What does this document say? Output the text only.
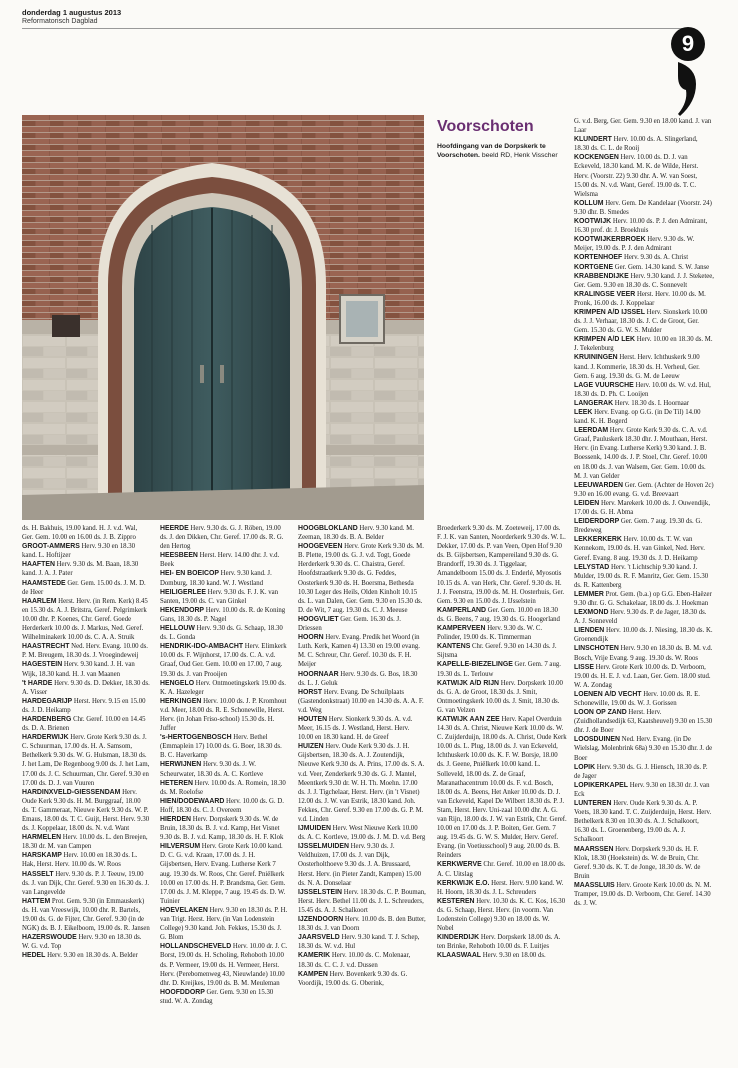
donderdag 1 augustus 2013
Reformatorisch Dagblad
9
Voorschoten
Hoofdingang van de Dorpskerk te Voorschoten. beeld RD, Henk Visscher

ds. H. Bakhuis, 19.00 kand. H. J. v.d. Wal, Ger. Gem. 10.00 en 16.00 ds. J. B. Zippro

GROOT-AMMERS Herv. 9.30 en 18.30 kand. L. Hoftijzer

HAAFTEN Herv. 9.30 ds. M. Baan, 18.30 kand. J. A. J. Pater

HAAMSTEDE Ger. Gem. 15.00 ds. J. M. D. de Heer

HAARLEM Herst. Herv. (in Rem. Kerk) 8.45 en 15.30 ds. A. J. Britstra, Geref. Pelgrimkerk 10.00 dhr. P. Koenes, Chr. Geref. Goede Herderkerk 10.00 ds. J. Markus, Ned. Geref. Wilhelminakerk 10.00 ds. C. A. A. Struik

HAASTRECHT Ned. Herv. Evang. 10.00 ds. P. M. Breugem, 18.30 ds. J. Vroegindeweij

HAGESTEIN Herv. 9.30 kand. J. H. van Wijk, 18.30 kand. H. J. van Maanen

't HARDE Herv. 9.30 ds. D. Dekker, 18.30 ds. A. Visser

HARDEGARIJP Herst. Herv. 9.15 en 15.00 ds. J. D. Heikamp

HARDENBERG Chr. Geref. 10.00 en 14.45 ds. D. A. Brienen

HARDERWIJK Herv. Grote Kerk 9.30 ds. J. C. Schuurman, 17.00 ds. H. A. Samsom, Bethelkerk 9.30 ds. W. G. Hulsman, 18.30 ds. J. het Lam, De Regenboog 9.00 ds. J. het Lam, 17.00 ds. J. C. Schuurman, Chr. Geref. 9.30 en 17.00 ds. D. J. van Vuuren

HARDINXVELD-GIESSENDAM Herv. Oude Kerk 9.30 ds. H. M. Burggraaf, 18.00 ds. T. Gammeraat, Nieuwe Kerk 9.30 ds. W. P. Emaus, 18.00 ds. T. C. Guijt, Herst. Herv. 9.30 ds. J. Koppelaar, 18.00 ds. N. v.d. Want

HARMELEN Herv. 10.00 ds. L. den Breejen, 18.30 dr. M. van Campen

HARSKAMP Herv. 10.00 en 18.30 ds. L. Hak, Herst. Herv. 10.00 ds. W. Roos

HASSELT Herv. 9.30 ds. P. J. Teeuw, 19.00 ds. J. van Dijk, Chr. Geref. 9.30 en 16.30 ds. J. van Langevelde

HATTEM Prot. Gem. 9.30 (in Emmauskerk) ds. H. van Vreeswijk, 10.00 dhr. R. Bartels, 19.00 ds. G. de Fijter, Chr. Geref. 9.30 (in de NGK) ds. B. J. Eikelboom, 19.00 ds. R. Jansen

HAZERSWOUDE Herv. 9.30 en 18.30 ds. W. G. v.d. Top

HEDEL Herv. 9.30 en 18.30 ds. A. Belder

HEERDE Herv. 9.30 ds. G. J. Röben, 19.00 ds. J. den Dikken, Chr. Geref. 17.00 ds. R. G. den Hertog

HEESBEEN Herst. Herv. 14.00 dhr. J. v.d. Beek

HEI- EN BOEICOP Herv. 9.30 kand. J. Domburg, 18.30 kand. W. J. Westland

HEILIGERLEE Herv. 9.30 ds. F. J. K. van Santen, 19.00 ds. C. van Ginkel

HEKENDORP Herv. 10.00 ds. R. de Koning Gans, 18.30 ds. P. Nagel

HELLOUW Herv. 9.30 ds. G. Schaap, 18.30 ds. L. Gonda

HENDRIK-IDO-AMBACHT Herv. Elimkerk 10.00 ds. F. Wijnhorst, 17.00 ds. C. A. v.d. Graaf, Oud Ger. Gem. 10.00 en 17.00, 7 aug. 19.30 ds. J. van Prooijen

HENGELO Herv. Ontmoetingskerk 19.00 ds. K. A. Hazeleger

HERKINGEN Herv. 10.00 ds. J. P. Kromhout v.d. Meer, 18.00 ds. R. E. Schonewille, Herst. Herv. (in Johan Friso-school) 15.30 ds. H. Juffer

's-HERTOGENBOSCH Herv. Bethel (Emmaplein 17) 10.00 ds. G. Boer, 18.30 ds. B. C. Haverkamp

HERWIJNEN Herv. 9.30 ds. J. W. Scheurwater, 18.30 ds. A. C. Kortleve

HETEREN Herv. 10.00 ds. A. Romein, 18.30 ds. M. Roelofse

HIEN/DODEWAARD Herv. 10.00 ds. G. D. Hoff, 18.30 ds. C. J. Overeem

HIERDEN Herv. Dorpskerk 9.30 ds. W. de Bruin, 18.30 ds. B. J. v.d. Kamp, Het Visnet 9.30 ds. B. J. v.d. Kamp, 18.30 ds. H. F. Klok

HILVERSUM Herv. Grote Kerk 10.00 kand. D. C. G. v.d. Kraan, 17.00 ds. J. H. Gijsbertsen, Herv. Evang. Lutherse Kerk 7 aug. 19.30 ds. W. Roos, Chr. Geref. Pniëlkerk 10.00 en 17.00 ds. H. P. Brandsma, Ger. Gem. 17.00 ds. J. M. Kleppe, 7 aug. 19.45 ds. D. W. Tuinier

HOEVELAKEN Herv. 9.30 en 18.30 ds. P. H. van Trigt. Herst. Herv. (in Van Lodenstein College) 9.30 kand. Joh. Fekkes, 15.30 ds. J. G. Blom

HOLLANDSCHEVELD Herv. 10.00 dr. J. C. Borst, 19.00 ds. H. Scholing, Rehoboth 10.00 ds. P. Vermeer, 19.00 ds. H. Vermeer, Herst. Herv. (Perebomenweg 43, Nieuwlande) 10.00 dhr. D. Kreijkes, 19.00 ds. B. M. Meuleman

HOOFDDORP Ger. Gem. 9.30 en 15.30 stud. W. A. Zondag

HOOGBLOKLAND Herv. 9.30 kand. M. Zeeman, 18.30 ds. B. A. Belder

HOOGEVEEN Herv. Grote Kerk 9.30 ds. M. B. Plette, 19.00 ds. G. J. v.d. Togt, Goede Herderkerk 9.30 ds. C. Chaistra, Geref. Hoofdstraatkerk 9.30 ds. G. Feddes, Oosterkerk 9.30 ds. H. Boersma, Bethesda 10.30 Leger des Heils, Olden Kinholt 10.15 ds. L. van Dalen, Ger. Gem. 9.30 en 15.30 ds. D. de Wit, 7 aug. 19.30 ds. C. J. Meeuse

HOOGVLIET Ger. Gem. 16.30 ds. J. Driessen

HOORN Herv. Evang. Predik het Woord (in Luth. Kerk, Kamen 4) 13.30 en 19.00 evang. M. C. Schreur, Chr. Geref. 10.30 ds. F. H. Meijer

HOORNAAR Herv. 9.30 ds. G. Bos, 18.30 ds. L. J. Geluk

HORST Herv. Evang. De Schuilplaats (Gastendonkstraat) 10.00 en 14.30 ds. A. A. F. v.d. Weg

HOUTEN Herv. Sionkerk 9.30 ds. A. v.d. Meer, 16.15 ds. J. Westland, Herst. Herv. 10.00 en 18.30 kand. H. de Greef

HUIZEN Herv. Oude Kerk 9.30 ds. J. H. Gijsbertsen, 18.30 ds. A. J. Zoutendijk, Nieuwe Kerk 9.30 ds. A. Prins, 17.00 ds. S. A. v.d. Veer, Zenderkerk 9.30 ds. G. J. Mantel, Meentkerk 9.30 dr. W. H. Th. Moehn. 17.00 ds. J. J. Tigchelaar, Herst. Herv. (in 't Visnet) 12.00 ds. J. W. van Estrik, 18.30 kand. Joh. Fekkes, Chr. Geref. 9.30 en 17.00 ds. G. P. M. v.d. Linden

IJMUIDEN Herv. West Nieuwe Kerk 10.00 ds. A. C. Kortleve, 19.00 ds. J. M. D. v.d. Berg

IJSSELMUIDEN Herv. 9.30 ds. J. Veldhuizen, 17.00 ds. J. van Dijk, Oosterholthoeve 9.30 ds. J. A. Brussaard, Herst. Herv. (in Pieter Zandt, Kampen) 15.00 ds. N. A. Donselaar

IJSSELSTEIN Herv. 18.30 ds. C. P. Bouman, Herst. Herv. Bethel 11.00 ds. J. L. Schreuders, 15.45 ds. A. J. Schalkoort

IJZENDOORN Herv. 10.00 ds. B. den Butter, 18.30 ds. J. van Doorn

JAARSVELD Herv. 9.30 kand. T. J. Schep, 18.30 ds. W. v.d. Hul

KAMERIK Herv. 10.00 ds. C. Molenaar, 18.30 ds. C. C. J. v.d. Dussen

KAMPEN Herv. Bovenkerk 9.30 ds. G. Voordijk, 19.00 ds. G. Oberink,

Broederkerk 9.30 ds. M. Zoeteweij, 17.00 ds. F. J. K. van Santen, Noorderkerk 9.30 ds. W. L. Dekker, 17.00 ds. P. van Veen, Open Hof 9.30 ds. B. Gijsbertsen, Kampereiland 9.30 ds. G. Brandorff, 19.30 ds. J. Tiggelaar, Amandelboom 15.00 ds. J. Enderlé, Myosotis 10.15 ds. A. van Herk, Chr. Geref. 9.30 ds. H. J. J. Feenstra, 19.00 ds. M. H. Oosterhuis, Ger. Gem. 9.30 en 15.00 ds. J. IJsselstein

KAMPERLAND Ger. Gem. 10.00 en 18.30 ds. G. Beens, 7 aug. 19.30 ds. G. Hoogerland

KAMPERVEEN Herv. 9.30 ds. W. C. Polinder, 19.00 ds. K. Timmerman

KANTENS Chr. Geref. 9.30 en 14.30 ds. J. Sijtsma

KAPELLE-BIEZELINGE Ger. Gem. 7 aug. 19.30 ds. L. Terlouw

KATWIJK A/D RIJN Herv. Dorpskerk 10.00 ds. G. A. de Groot, 18.30 ds. J. Smit, Ontmoetingskerk 10.00 ds. J. Smit, 18.30 ds. G. van Velzen

KATWIJK AAN ZEE Herv. Kapel Overduin 14.30 ds. A. Christ, Nieuwe Kerk 10.00 ds. W. C. Zuijderduijn, 18.00 ds. A. Christ, Oude Kerk 10.00 ds. L. Plug, 18.00 ds. J. van Eckeveld, Ichthuskerk 10.00 ds. K. F. W. Borsje, 18.00 ds. J. Geene, Pniëlkerk 10.00 kand. L. Solleveld, 18.00 ds. Z. de Graaf, Maranathacentrum 10.00 ds. F. v.d. Bosch, 18.00 ds. A. Beens, Het Anker 10.00 ds. D. J. van Eckeveld, Kapel De Wilbert 18.30 ds. P. J. Stam, Herst. Herv. Uni-zaal 10.00 dhr. A. G. van Rijn, 18.00 ds. J. W. van Estrik, Chr. Geref. 10.00 en 17.00 ds. J. P. Boiten, Ger. Gem. 7 aug. 19.45 ds. G. W. S. Mulder, Herv. Geref. Evang. (in Voetiusschool) 9 aug. 20.00 ds. B. Reinders

KERKWERVE Chr. Geref. 10.00 en 18.00 ds. A. C. Uitslag

KERKWIJK E.O. Herst. Herv. 9.00 kand. W. H. Hoorn, 18.30 ds. J. L. Schreuders

KESTEREN Herv. 10.30 ds. K. C. Kos, 16.30 ds. G. Schaap, Herst. Herv. (in voorm. Van Lodenstein College) 9.30 en 18.00 ds. W. Nobel

KINDERDIJK Herv. Dorpskerk 18.00 ds. A. ten Brinke, Rehoboth 10.00 ds. F. Luitjes

KLAASWAAL Herv. 9.30 en 18.00 ds.

G. v.d. Berg, Ger. Gem. 9.30 en 18.00 kand. J. van Laar

KLUNDERT Herv. 10.00 ds. A. Slingerland, 18.30 ds. C. L. de Rooij

KOCKENGEN Herv. 10.00 ds. D. J. van Eckeveld, 18.30 kand. M. K. de Wilde, Herst. Herv. (Voorstr. 22) 9.30 dhr. A. W. van Soest, 15.00 ds. N. v.d. Want, Geref. 19.00 ds. T. C. Wielsma

KOLLUM Herv. Gem. De Kandelaar (Voorstr. 24) 9.30 dhr. B. Smedes

KOOTWIJK Herv. 10.00 ds. P. J. den Admirant, 16.30 prof. dr. J. Broekhuis

KOOTWIJKERBROEK Herv. 9.30 ds. W. Meijer, 19.00 ds. P. J. den Admirant

KORTENHOEF Herv. 9.30 ds. A. Christ

KORTGENE Ger. Gem. 14.30 kand. S. W. Janse

KRABBENDIJKE Herv. 9.30 kand. J. J. Steketee, Ger. Gem. 9.30 en 18.30 ds. C. Sonnevelt

KRALINGSE VEER Herst. Herv. 10.00 ds. M. Pronk, 16.00 ds. J. Koppelaar

KRIMPEN A/D IJSSEL Herv. Sionskerk 10.00 ds. J. J. Verhaar, 18.30 ds. J. C. de Groot, Ger. Gem. 15.30 ds. G. W. S. Mulder

KRIMPEN A/D LEK Herv. 10.00 en 18.30 ds. M. J. Tekelenburg

KRUININGEN Herst. Herv. Ichthuskerk 9.00 kand. J. Kommerie, 18.30 ds. H. Verheul, Ger. Gem. 6 aug. 19.30 ds. G. M. de Leeuw

LAGE VUURSCHE Herv. 10.00 ds. W. v.d. Hul, 18.30 ds. D. Ph. C. Looijen

LANGERAK Herv. 18.30 ds. I. Hoornaar

LEEK Herv. Evang. op G.G. (in De Til) 14.00 kand. K. H. Bogerd

LEERDAM Herv. Grote Kerk 9.30 ds. C. A. v.d. Graaf, Pauluskerk 18.30 dhr. J. Mouthaan, Herst. Herv. (in Evang. Lutherse Kerk) 9.30 kand. J. B. Boessenk, 14.00 ds. J. P. Stoel, Chr. Geref. 10.00 en 18.00 ds. J. van Walsem, Ger. Gem. 10.00 ds. M. J. van Gelder

LEEUWARDEN Ger. Gem. (Achter de Hoven 2c) 9.30 en 16.00 evang. G. v.d. Breevaart

LEIDEN Herv. Marekerk 10.00 ds. J. Ouwendijk, 17.00 ds. G. H. Abma

LEIDERDORP Ger. Gem. 7 aug. 19.30 ds. G. Bredeweg

LEKKERKERK Herv. 10.00 ds. T. W. van Kennekom, 19.00 ds. H. van Ginkel, Ned. Herv. Geref. Evang. 8 aug. 19.30 ds. J. D. Heikamp

LELYSTAD Herv. 't Lichtschip 9.30 kand. J. Mulder, 19.00 ds. R. F. Manritz, Ger. Gem. 15.30 ds. R. Kattenberg

LEMMER Prot. Gem. (b.a.) op G.G. Eben-Haëzer 9.30 dhr. G. G. Schakelaar, 18.00 ds. J. Hoekman

LEXMOND Herv. 9.30 ds. P. de Jager, 18.30 ds. A. J. Sonneveld

LIENDEN Herv. 10.00 ds. J. Niesing, 18.30 ds. K. Groenendijk

LINSCHOTEN Herv. 9.30 en 18.30 ds. B. M. v.d. Bosch, Vrije Evang. 9 aug. 19.30 ds. W. Roos

LISSE Herv. Grote Kerk 10.00 ds. D. Verboom, 19.00 ds. H. E. J. v.d. Laan, Ger. Gem. 18.00 stud. W. A. Zondag

LOENEN A/D VECHT Herv. 10.00 ds. R. E. Schonewille, 19.00 ds. W. J. Gorissen

LOON OP ZAND Herst. Herv. (Zuidhollandsedijk 63, Kaatsheuvel) 9.30 en 15.30 dhr. J. de Boer

LOOSDUINEN Ned. Herv. Evang. (in De Wielslag, Molenbrink 68a) 9.30 en 15.30 dhr. J. de Boer

LOPIK Herv. 9.30 ds. G. J. Hiensch, 18.30 ds. P. de Jager

LOPIKERKAPEL Herv. 9.30 en 18.30 dr. J. van Eck

LUNTEREN Herv. Oude Kerk 9.30 ds. A. P. Voets, 18.30 kand. T. C. Zuijderduijn, Herst. Herv. Bethelkerk 8.30 en 10.30 ds. A. J. Schalkoort, 16.30 ds. L. Groenenberg, 19.00 ds. A. J. Schalkoort

MAARSSEN Herv. Dorpskerk 9.30 ds. H. F. Klok, 18.30 (Hoekstein) ds. W. de Bruin, Chr. Geref. 9.30 ds. K. T. de Jonge, 18.30 ds. W. de Bruin

MAASSLUIS Herv. Groote Kerk 10.00 ds. N. M. Tramper, 19.00 ds. D. Verboom, Chr. Geref. 14.30 ds. J. W.
